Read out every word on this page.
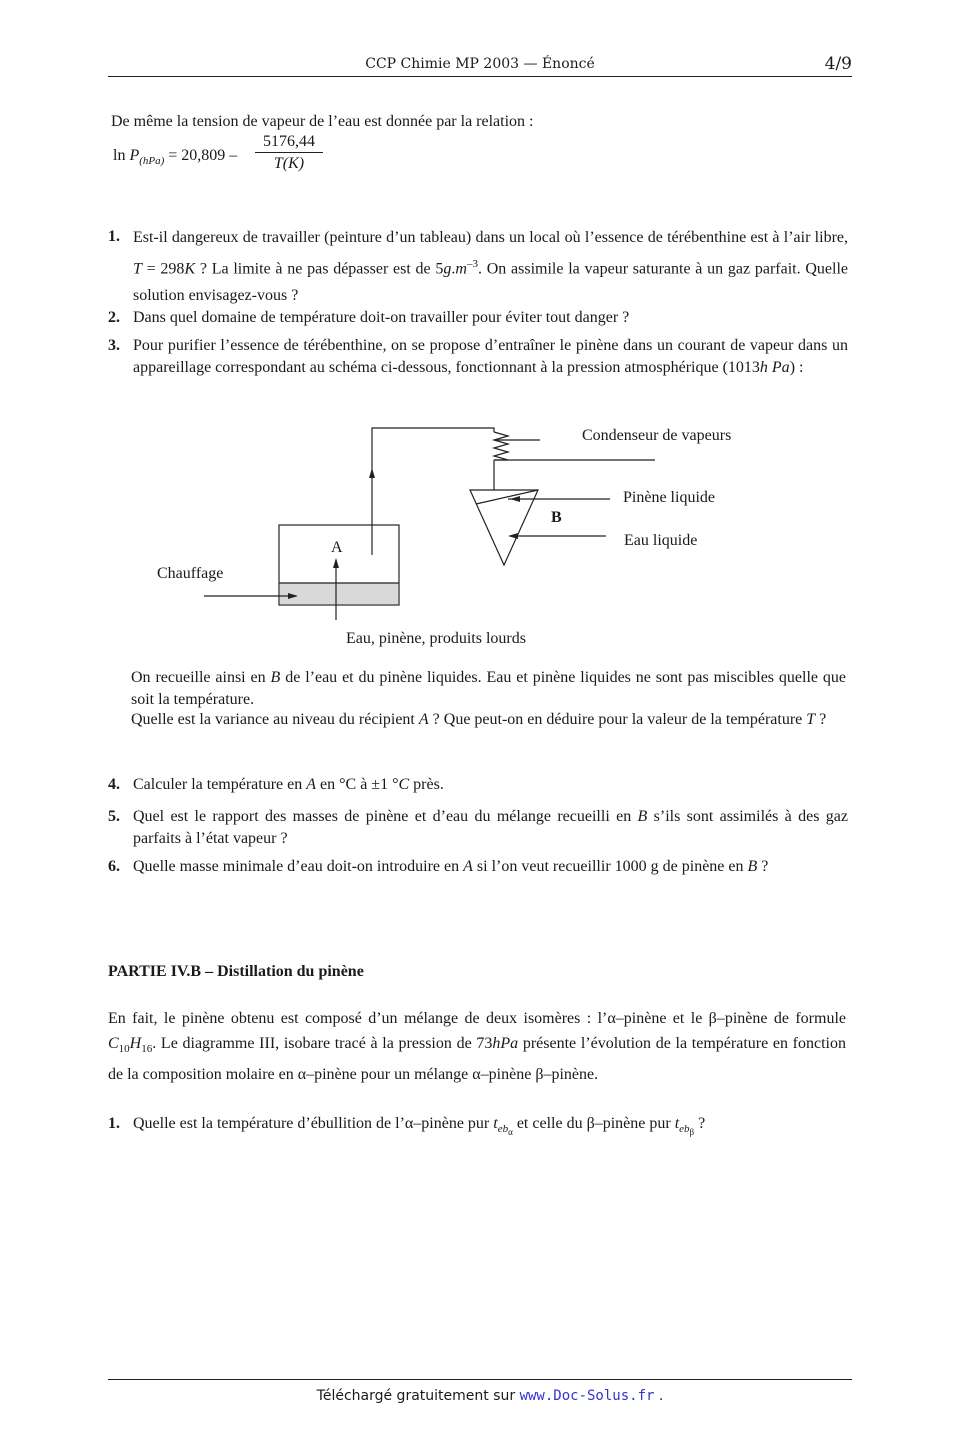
CCP Chimie MP 2003 — Énoncé	4/9
De même la tension de vapeur de l’eau est donnée par la relation :
$\ln P_{(hPa)} = 20,809 - \frac{5176,44}{T(K)}$
1. Est-il dangereux de travailler (peinture d’un tableau) dans un local où l’essence de térébenthine est à l’air libre, T = 298K ? La limite à ne pas dépasser est de $5g.m^{-3}$. On assimile la vapeur saturante à un gaz parfait. Quelle solution envisagez-vous ?
2. Dans quel domaine de température doit-on travailler pour éviter tout danger ?
3. Pour purifier l’essence de térébenthine, on se propose d’entraîner le pinène dans un courant de vapeur dans un appareillage correspondant au schéma ci-dessous, fonctionnant à la pression atmosphérique (1013h Pa) :
Condenseur de vapeurs
Pinène liquide
Eau liquide
B
A
Chauffage
Eau, pinène, produits lourds
On recueille ainsi en B de l’eau et du pinène liquides. Eau et pinène liquides ne sont pas miscibles quelle que soit la température.
Quelle est la variance au niveau du récipient A ? Que peut-on en déduire pour la valeur de la température T ?
4. Calculer la température en A en °C à ±1 °C près.
5. Quel est le rapport des masses de pinène et d’eau du mélange recueilli en B s’ils sont assimilés à des gaz parfaits à l’état vapeur ?
6. Quelle masse minimale d’eau doit-on introduire en A si l’on veut recueillir 1000 g de pinène en B ?
PARTIE IV.B – Distillation du pinène
En fait, le pinène obtenu est composé d’un mélange de deux isomères : l’α–pinène et le β–pinène de formule $C_{10}H_{16}$. Le diagramme III, isobare tracé à la pression de 73hPa présente l’évolution de la température en fonction de la composition molaire en α–pinène pour un mélange α–pinène β–pinène.
1. Quelle est la température d’ébullition de l’α–pinène pur $t_{eb_\alpha}$ et celle du β–pinène pur $t_{eb_\beta}$ ?
Téléchargé gratuitement sur www.Doc-Solus.fr .
